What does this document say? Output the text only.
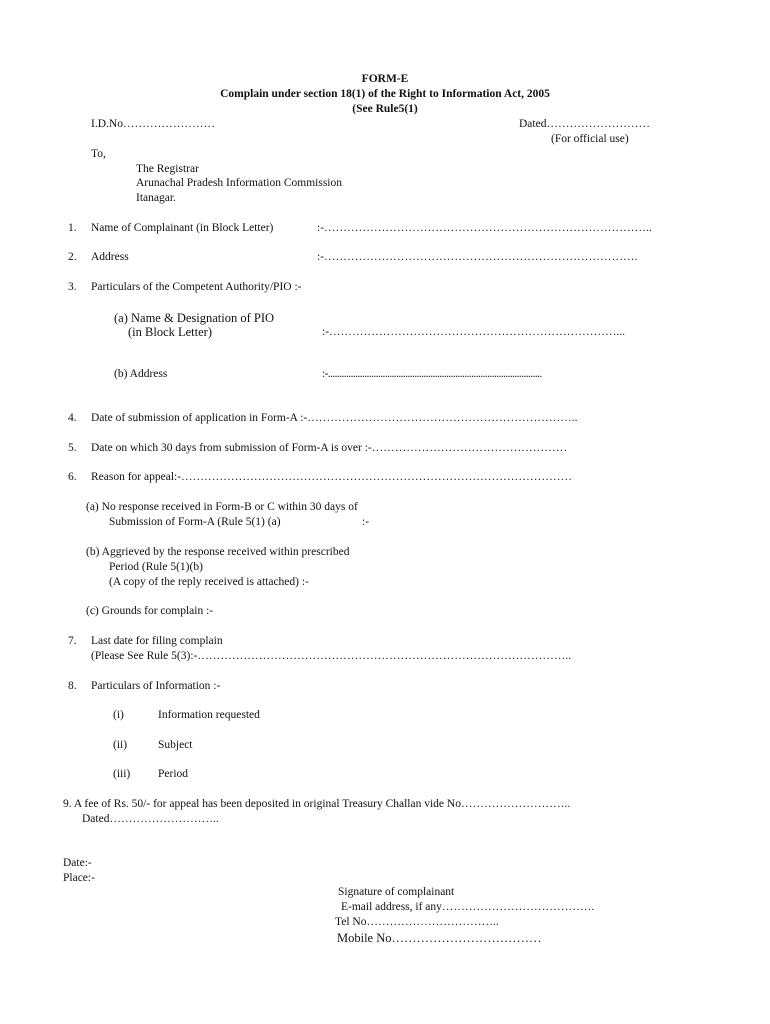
FORM-E
Complain under section 18(1) of the Right to Information Act, 2005
(See Rule5(1)
I.D.No……………………	Dated………………………
(For official use)
To,
The Registrar
Arunachal Pradesh Information Commission
Itanagar.
1. Name of Complainant (in Block Letter)	:-…………………………………………………………………………..
2. Address	:-……………………………………………………………………….
3. Particulars of the Competent Authority/PIO :-
(a) Name & Designation of PIO
(in Block Letter)	:-…………………………………………………………………...
(b) Address	:-..............................................................................................
4. Date of submission of application in Form-A :-……………………………………………………………..
5. Date on which 30 days from submission of Form-A is over :-……………………………………………
6. Reason for appeal:-…………………………………………………………………………………………
(a) No response received in Form-B or C within 30 days of
Submission of Form-A (Rule 5(1) (a)	:-
(b) Aggrieved by the response received within prescribed
Period (Rule 5(1)(b)
(A copy of the reply received is attached) :-
(c) Grounds for complain :-
7. Last date for filing complain
(Please See Rule 5(3):-……………………………………………………………………………………..
8. Particulars of Information :-
(i)	Information requested
(ii)	Subject
(iii) Period
9. A fee of Rs. 50/- for appeal has been deposited in original Treasury Challan vide No………………………..
Dated………………………..
Date:-
Place:-
Signature of complainant
E-mail address, if any………………………………….
Tel No……………………………..
Mobile No………………………………
